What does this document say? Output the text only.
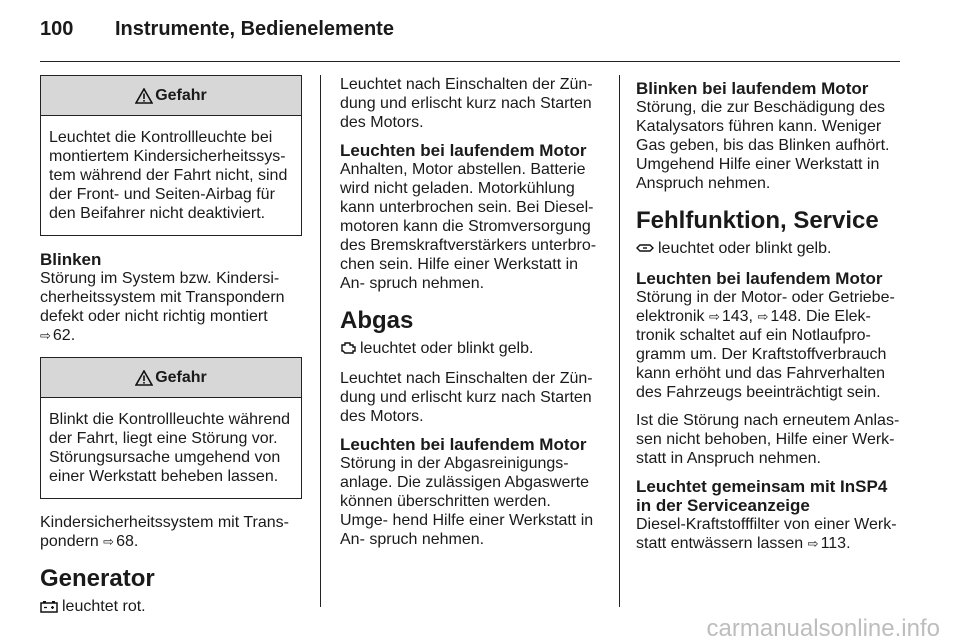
100 Instrumente, Bedienelemente
Gefahr
Leuchtet die Kontrollleuchte bei montiertem Kindersicherheitssys- tem während der Fahrt nicht, sind der Front- und Seiten-Airbag für den Beifahrer nicht deaktiviert.
Blinken

Störung im System bzw. Kindersi- cherheitssystem mit Transpondern defekt oder nicht richtig montiert
⇨ 62.

Gefahr
Blinkt die Kontrollleuchte während der Fahrt, liegt eine Störung vor. Störungsursache umgehend von einer Werkstatt beheben lassen.

Kindersicherheitssystem mit Trans- pondern ⇨ 68.

Generator

leuchtet rot.

Leuchtet nach Einschalten der Zün- dung und erlischt kurz nach Starten des Motors.

Leuchten bei laufendem Motor

Anhalten, Motor abstellen. Batterie wird nicht geladen. Motorkühlung kann unterbrochen sein. Bei Diesel- motoren kann die Stromversorgung des Bremskraftverstärkers unterbro- chen sein. Hilfe einer Werkstatt in An- spruch nehmen.

Abgas

leuchtet oder blinkt gelb.

Leuchtet nach Einschalten der Zün- dung und erlischt kurz nach Starten des Motors.

Leuchten bei laufendem Motor

Störung in der Abgasreinigungs- anlage. Die zulässigen Abgaswerte können überschritten werden. Umge- hend Hilfe einer Werkstatt in An- spruch nehmen.

Blinken bei laufendem Motor

Störung, die zur Beschädigung des Katalysators führen kann. Weniger Gas geben, bis das Blinken aufhört. Umgehend Hilfe einer Werkstatt in Anspruch nehmen.

Fehlfunktion, Service

leuchtet oder blinkt gelb.

Leuchten bei laufendem Motor

Störung in der Motor- oder Getriebe- elektronik ⇨ 143, ⇨ 148. Die Elek- tronik schaltet auf ein Notlaufpro- gramm um. Der Kraftstoffverbrauch kann erhöht und das Fahrverhalten des Fahrzeugs beeinträchtigt sein.

Ist die Störung nach erneutem Anlas- sen nicht behoben, Hilfe einer Werk- statt in Anspruch nehmen.

Leuchtet gemeinsam mit InSP4 in der Serviceanzeige

Diesel-Kraftstofffilter von einer Werk- statt entwässern lassen ⇨ 113.

carmanualsonline.info
